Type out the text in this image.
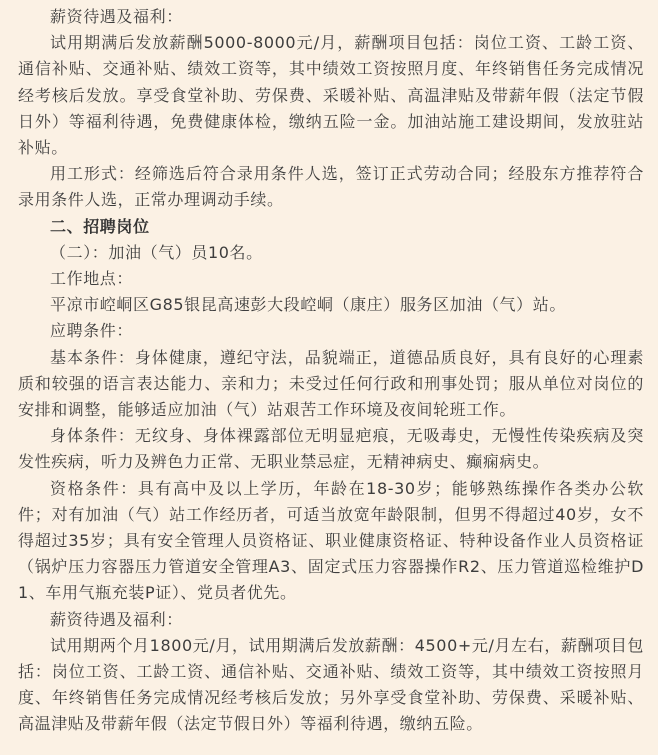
薪资待遇及福利：

试用期满后发放薪酬5000-8000元/月，薪酬项目包括：岗位工资、工龄工资、通信补贴、交通补贴、绩效工资等，其中绩效工资按照月度、年终销售任务完成情况经考核后发放。享受食堂补助、劳保费、采暖补贴、高温津贴及带薪年假（法定节假日外）等福利待遇，免费健康体检，缴纳五险一金。加油站施工建设期间，发放驻站补贴。

用工形式：经筛选后符合录用条件人选，签订正式劳动合同；经股东方推荐符合录用条件人选，正常办理调动手续。

二、招聘岗位

（二）：加油（气）员10名。

工作地点：

平凉市崆峒区G85银昆高速彭大段崆峒（康庄）服务区加油（气）站。

应聘条件：

基本条件：身体健康，遵纪守法，品貌端正，道德品质良好，具有良好的心理素质和较强的语言表达能力、亲和力；未受过任何行政和刑事处罚；服从单位对岗位的安排和调整，能够适应加油（气）站艰苦工作环境及夜间轮班工作。

身体条件：无纹身、身体裸露部位无明显疤痕，无吸毒史，无慢性传染疾病及突发性疾病，听力及辨色力正常、无职业禁忌症，无精神病史、癫痫病史。

资格条件：具有高中及以上学历，年龄在18-30岁；能够熟练操作各类办公软件；对有加油（气）站工作经历者，可适当放宽年龄限制，但男不得超过40岁，女不得超过35岁；具有安全管理人员资格证、职业健康资格证、特种设备作业人员资格证（锅炉压力容器压力管道安全管理A3、固定式压力容器操作R2、压力管道巡检维护D1、车用气瓶充装P证）、党员者优先。

薪资待遇及福利：

试用期两个月1800元/月，试用期满后发放薪酬：4500+元/月左右，薪酬项目包括：岗位工资、工龄工资、通信补贴、交通补贴、绩效工资等，其中绩效工资按照月度、年终销售任务完成情况经考核后发放；另外享受食堂补助、劳保费、采暖补贴、高温津贴及带薪年假（法定节假日外）等福利待遇，缴纳五险。
